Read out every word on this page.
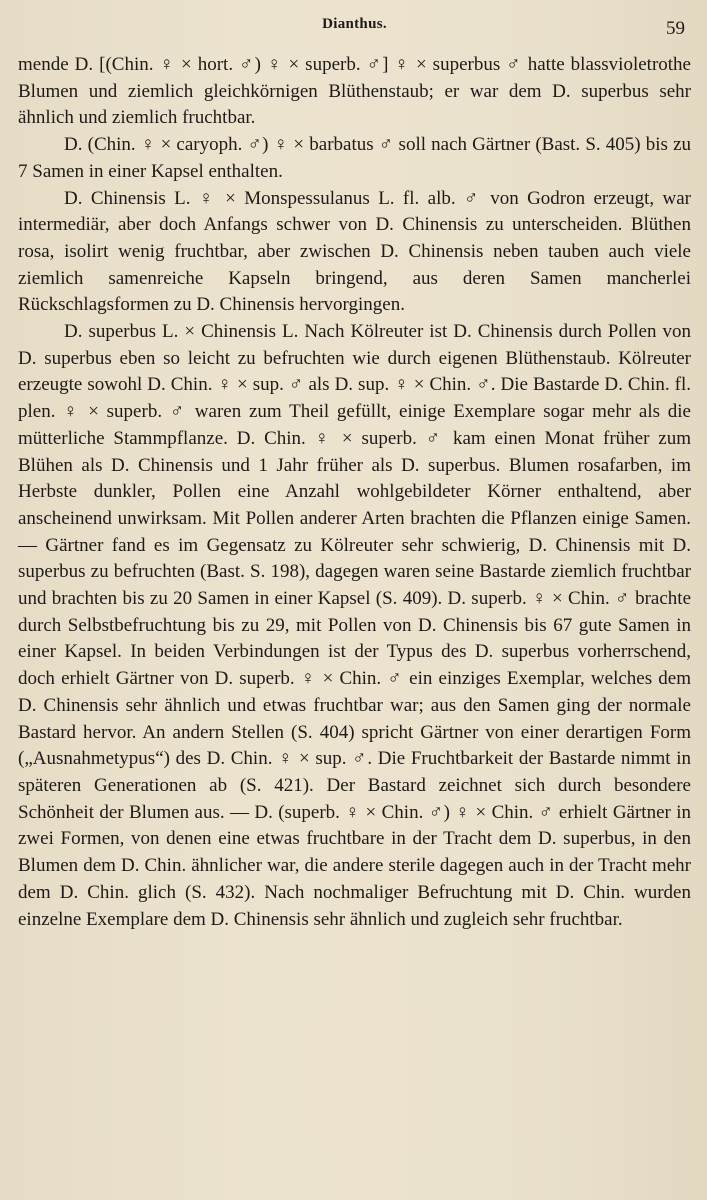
Dianthus.	59

mende D. [(Chin. ♀ × hort. ♂) ♀ × superb. ♂] ♀ × superbus ♂ hatte blassvioletrothe Blumen und ziemlich gleichkörnigen Blüthenstaub; er war dem D. superbus sehr ähnlich und ziemlich fruchtbar.

D. (Chin. ♀ × caryoph. ♂) ♀ × barbatus ♂ soll nach Gärtner (Bast. S. 405) bis zu 7 Samen in einer Kapsel enthalten.

D. Chinensis L. ♀ × Monspessulanus L. fl. alb. ♂ von Godron erzeugt, war intermediär, aber doch Anfangs schwer von D. Chinensis zu unterscheiden. Blüthen rosa, isolirt wenig fruchtbar, aber zwischen D. Chinensis neben tauben auch viele ziemlich samenreiche Kapseln bringend, aus deren Samen mancherlei Rückschlagsformen zu D. Chinensis hervorgingen.

D. superbus L. × Chinensis L. Nach Kölreuter ist D. Chinensis durch Pollen von D. superbus eben so leicht zu befruchten wie durch eigenen Blüthenstaub. Kölreuter erzeugte sowohl D. Chin. ♀ × sup. ♂ als D. sup. ♀ × Chin. ♂. Die Bastarde D. Chin. fl. plen. ♀ × superb. ♂ waren zum Theil gefüllt, einige Exemplare sogar mehr als die mütterliche Stammpflanze. D. Chin. ♀ × superb. ♂ kam einen Monat früher zum Blühen als D. Chinensis und 1 Jahr früher als D. superbus. Blumen rosafarben, im Herbste dunkler, Pollen eine Anzahl wohlgebildeter Körner enthaltend, aber anscheinend unwirksam. Mit Pollen anderer Arten brachten die Pflanzen einige Samen. — Gärtner fand es im Gegensatz zu Kölreuter sehr schwierig, D. Chinensis mit D. superbus zu befruchten (Bast. S. 198), dagegen waren seine Bastarde ziemlich fruchtbar und brachten bis zu 20 Samen in einer Kapsel (S. 409). D. superb. ♀ × Chin. ♂ brachte durch Selbstbefruchtung bis zu 29, mit Pollen von D. Chinensis bis 67 gute Samen in einer Kapsel. In beiden Verbindungen ist der Typus des D. superbus vorherrschend, doch erhielt Gärtner von D. superb. ♀ × Chin. ♂ ein einziges Exemplar, welches dem D. Chinensis sehr ähnlich und etwas fruchtbar war; aus den Samen ging der normale Bastard hervor. An andern Stellen (S. 404) spricht Gärtner von einer derartigen Form („Ausnahmetypus“) des D. Chin. ♀ × sup. ♂. Die Fruchtbarkeit der Bastarde nimmt in späteren Generationen ab (S. 421). Der Bastard zeichnet sich durch besondere Schönheit der Blumen aus. — D. (superb. ♀ × Chin. ♂) ♀ × Chin. ♂ erhielt Gärtner in zwei Formen, von denen eine etwas fruchtbare in der Tracht dem D. superbus, in den Blumen dem D. Chin. ähnlicher war, die andere sterile dagegen auch in der Tracht mehr dem D. Chin. glich (S. 432). Nach nochmaliger Befruchtung mit D. Chin. wurden einzelne Exemplare dem D. Chinensis sehr ähnlich und zugleich sehr fruchtbar.
